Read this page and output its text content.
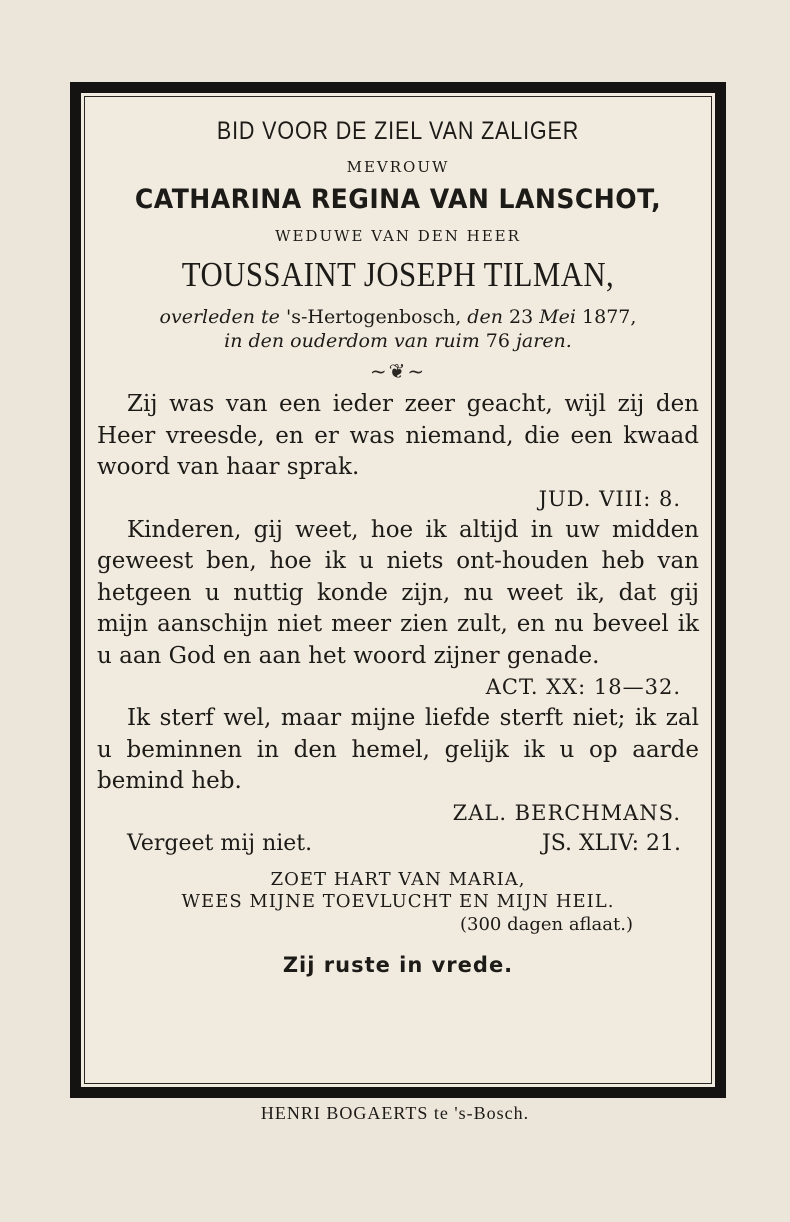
BID VOOR DE ZIEL VAN ZALIGER

MEVROUW

CATHARINA REGINA VAN LANSCHOT,

WEDUWE VAN DEN HEER

TOUSSAINT JOSEPH TILMAN,

overleden te 's-Hertogenbosch, den 23 Mei 1877,
in den ouderdom van ruim 76 jaren.

~❦~

Zij was van een ieder zeer geacht, wijl zij den Heer vreesde, en er was niemand, die een kwaad woord van haar sprak.

JUD. VIII: 8.

Kinderen, gij weet, hoe ik altijd in uw midden geweest ben, hoe ik u niets ont-houden heb van hetgeen u nuttig konde zijn, nu weet ik, dat gij mijn aanschijn niet meer zien zult, en nu beveel ik u aan God en aan het woord zijner genade.

ACT. XX: 18—32.

Ik sterf wel, maar mijne liefde sterft niet; ik zal u beminnen in den hemel, gelijk ik u op aarde bemind heb.

ZAL. BERCHMANS.

Vergeet mij niet.	JS. XLIV: 21.

ZOET HART VAN MARIA,
WEES MIJNE TOEVLUCHT EN MIJN HEIL.

(300 dagen aflaat.)

Zij ruste in vrede.

HENRI BOGAERTS te 's-Bosch.
